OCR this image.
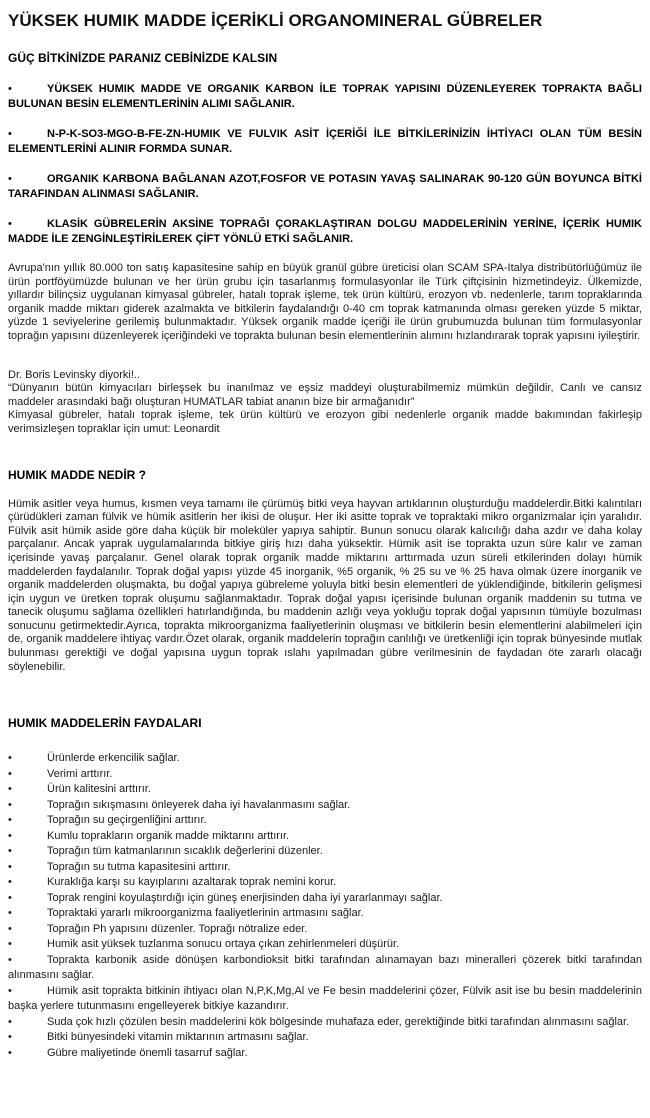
YÜKSEK HUMIK MADDE İÇERİKLİ ORGANOMINERAL GÜBRELER
GÜÇ BİTKİNİZDE PARANIZ CEBİNİZDE KALSIN

•	YÜKSEK HUMIK MADDE VE ORGANIK KARBON İLE TOPRAK YAPISINI DÜZENLEYEREK TOPRAKTA BAĞLI BULUNAN BESİN ELEMENTLERİNİN ALIMI SAĞLANIR.

•	N-P-K-SO3-MGO-B-FE-ZN-HUMIK VE FULVIK ASİT İÇERİĞİ İLE BİTKİLERİNİZİN İHTİYACI OLAN TÜM BESİN ELEMENTLERİNİ ALINIR FORMDA SUNAR.

•	ORGANIK KARBONA BAĞLANAN AZOT,FOSFOR VE POTASIN YAVAŞ SALINARAK 90-120 GÜN BOYUNCA BİTKİ TARAFINDAN ALINMASI SAĞLANIR.

•	KLASİK GÜBRELERİN AKSİNE TOPRAĞI ÇORAKLAŞTIRAN DOLGU MADDELERİNİN YERİNE, İÇERİK HUMIK MADDE İLE ZENGİNLEŞTİRİLEREK ÇİFT YÖNLÜ ETKİ SAĞLANIR.

Avrupa'nın yıllık 80.000 ton satış kapasitesine sahip en büyük granül gübre üreticisi olan SCAM SPA-Italya distribütörlüğümüz ile ürün portföyümüzde bulunan ve her ürün grubu için tasarlanmış formulasyonlar ile Türk çiftçisinin hizmetindeyiz. Ülkemizde, yıllardır bilinçsiz uygulanan kimyasal gübreler, hatalı toprak işleme, tek ürün kültürü, erozyon vb. nedenlerle, tarım topraklarında organik madde miktarı giderek azalmakta ve bitkilerin faydalandığı 0-40 cm toprak katmanında olması gereken yüzde 5 miktar, yüzde 1 seviyelerine gerilemiş bulunmaktadır. Yüksek organik madde içeriği ile ürün grubumuzda bulunan tüm formulasyonlar toprağın yapısını düzenleyerek içeriğindeki ve toprakta bulunan besin elementlerinin alımını hızlandırarak toprak yapısını iyileştirir.

Dr. Boris Levinsky diyorki!..

“Dünyanın bütün kimyacıları birleşsek bu inanılmaz ve eşsiz maddeyi oluşturabilmemiz mümkün değildir, Canlı ve cansız maddeler arasındaki bağı oluşturan HUMATLAR tabiat ananın bize bir armağanıdır”

Kimyasal gübreler, hatalı toprak işleme, tek ürün kültürü ve erozyon gibi nedenlerle organik madde bakımından fakirleşip verimsizleşen topraklar için umut: Leonardit

HUMIK MADDE NEDİR ?

Hümik asitler veya humus, kısmen veya tamamı ile çürümüş bitki veya hayvan artıklarının oluşturduğu maddelerdir.Bitki kalıntıları çürüdükleri zaman fülvik ve hümik asitlerin her ikisi de oluşur. Her iki asitte toprak ve topraktaki mikro organizmalar için yaralıdır. Fülvik asit hümik aside göre daha küçük bir moleküler yapıya sahiptir. Bunun sonucu olarak kalıcılığı daha azdır ve daha kolay parçalanır. Ancak yaprak uygulamalarında bitkiye giriş hızı daha yüksektir. Hümik asit ise toprakta uzun süre kalır ve zaman içerisinde yavaş parçalanır. Genel olarak toprak organik madde miktarını arttırmada uzun süreli etkilerinden dolayı hümik maddelerden faydalanılır. Toprak doğal yapısı yüzde 45 inorganik, %5 organik, % 25 su ve % 25 hava olmak üzere inorganik ve organik maddelerden oluşmakta, bu doğal yapıya gübreleme yoluyla bitki besin elementleri de yüklendiğinde, bitkilerin gelişmesi için uygun ve üretken toprak oluşumu sağlanmaktadır. Toprak doğal yapısı içerisinde bulunan organik maddenin su tutma ve tanecik oluşumu sağlama özellikleri hatırlandığında, bu maddenin azlığı veya yokluğu toprak doğal yapısının tümüyle bozulması sonucunu getirmektedir.Ayrıca, toprakta mikroorganizma faaliyetlerinin oluşması ve bitkilerin besin elementlerini alabilmeleri için de, organik maddelere ihtiyaç vardır.Özet olarak, organik maddelerin toprağın canlılığı ve üretkenliği için toprak bünyesinde mutlak bulunması gerektiği ve doğal yapısına uygun toprak ıslahı yapılmadan gübre verilmesinin de faydadan öte zararlı olacağı söylenebilir.

HUMIK MADDELERİN FAYDALARI

•	Ürünlerde erkencilik sağlar.

•	Verimi arttırır.

•	Ürün kalitesini arttırır.

•	Toprağın sıkışmasını önleyerek daha iyi havalanmasını sağlar.

•	Toprağın su geçirgenliğini arttırır.

•	Kumlu toprakların organik madde miktarını arttırır.

•	Toprağın tüm katmanlarının sıcaklık değerlerini düzenler.

•	Toprağın su tutma kapasitesini arttırır.

•	Kuraklığa karşı su kayıplarını azaltarak toprak nemini korur.

•	Toprak rengini koyulaştırdığı için güneş enerjisinden daha iyi yararlanmayı sağlar.

•	Topraktaki yararlı mikroorganizma faaliyetlerinin artmasını sağlar.

•	Toprağın Ph yapısını düzenler. Toprağı nötralize eder.

•	Humik asit yüksek tuzlanma sonucu ortaya çıkan zehirlenmeleri düşürür.

•	Toprakta karbonik aside dönüşen karbondioksit bitki tarafından alınamayan bazı mineralleri çözerek bitki tarafından alınmasını sağlar.

•	Hümik asit toprakta bitkinin ihtiyacı olan N,P,K,Mg,Al ve Fe besin maddelerini çözer, Fülvik asit ise bu besin maddelerinin başka yerlere tutunmasını engelleyerek bitkiye kazandırır.

•	Suda çok hızlı çözülen besin maddelerini kök bölgesinde muhafaza eder, gerektiğinde bitki tarafından alınmasını sağlar.

•	Bitki bünyesindeki vitamin miktarının artmasını sağlar.

•	Gübre maliyetinde önemli tasarruf sağlar.
